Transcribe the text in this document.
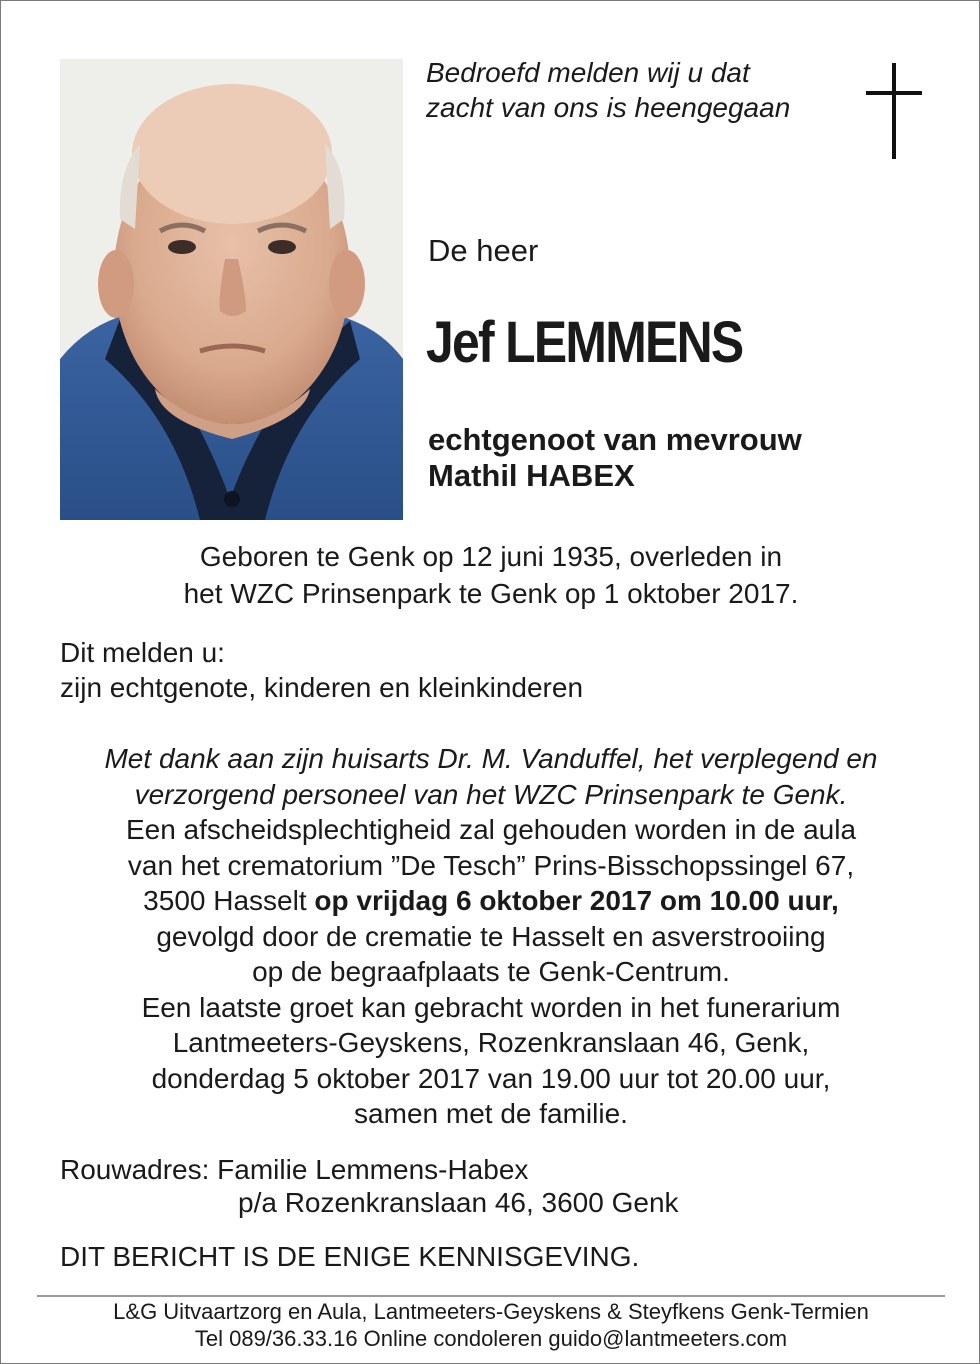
Bedroefd melden wij u dat
zacht van ons is heengegaan
De heer
Jef LEMMENS
echtgenoot van mevrouw
Mathil HABEX
Geboren te Genk op 12 juni 1935, overleden in
het WZC Prinsenpark te Genk op 1 oktober 2017.
Dit melden u:
zijn echtgenote, kinderen en kleinkinderen
Met dank aan zijn huisarts Dr. M. Vanduffel, het verplegend en
verzorgend personeel van het WZC Prinsenpark te Genk.
Een afscheidsplechtigheid zal gehouden worden in de aula
van het crematorium ”De Tesch” Prins-Bisschopssingel 67,
3500 Hasselt op vrijdag 6 oktober 2017 om 10.00 uur,
gevolgd door de crematie te Hasselt en asverstrooiing
op de begraafplaats te Genk-Centrum.
Een laatste groet kan gebracht worden in het funerarium
Lantmeeters-Geyskens, Rozenkranslaan 46, Genk,
donderdag 5 oktober 2017 van 19.00 uur tot 20.00 uur,
samen met de familie.
Rouwadres: Familie Lemmens-Habex
p/a Rozenkranslaan 46, 3600 Genk
DIT BERICHT IS DE ENIGE KENNISGEVING.
L&G Uitvaartzorg en Aula, Lantmeeters-Geyskens & Steyfkens Genk-Termien
Tel 089/36.33.16 Online condoleren guido@lantmeeters.com
